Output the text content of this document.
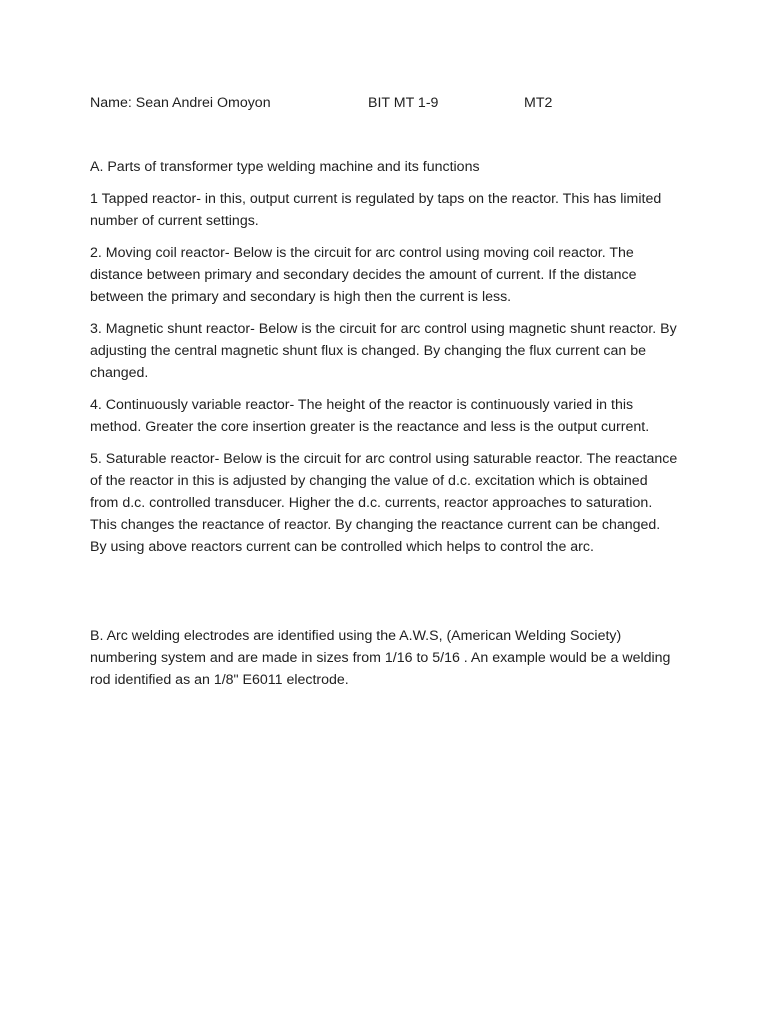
Name: Sean Andrei Omoyon	BIT MT 1-9	MT2

A. Parts of transformer type welding machine and its functions

1 Tapped reactor- in this, output current is regulated by taps on the reactor. This has limited number of current settings.

2. Moving coil reactor- Below is the circuit for arc control using moving coil reactor. The distance between primary and secondary decides the amount of current. If the distance between the primary and secondary is high then the current is less.

3. Magnetic shunt reactor- Below is the circuit for arc control using magnetic shunt reactor. By adjusting the central magnetic shunt flux is changed. By changing the flux current can be changed.

4. Continuously variable reactor- The height of the reactor is continuously varied in this method. Greater the core insertion greater is the reactance and less is the output current.

5. Saturable reactor- Below is the circuit for arc control using saturable reactor. The reactance of the reactor in this is adjusted by changing the value of d.c. excitation which is obtained from d.c. controlled transducer. Higher the d.c. currents, reactor approaches to saturation. This changes the reactance of reactor. By changing the reactance current can be changed. By using above reactors current can be controlled which helps to control the arc.

B. Arc welding electrodes are identified using the A.W.S, (American Welding Society) numbering system and are made in sizes from 1/16 to 5/16 . An example would be a welding rod identified as an 1/8" E6011 electrode.
